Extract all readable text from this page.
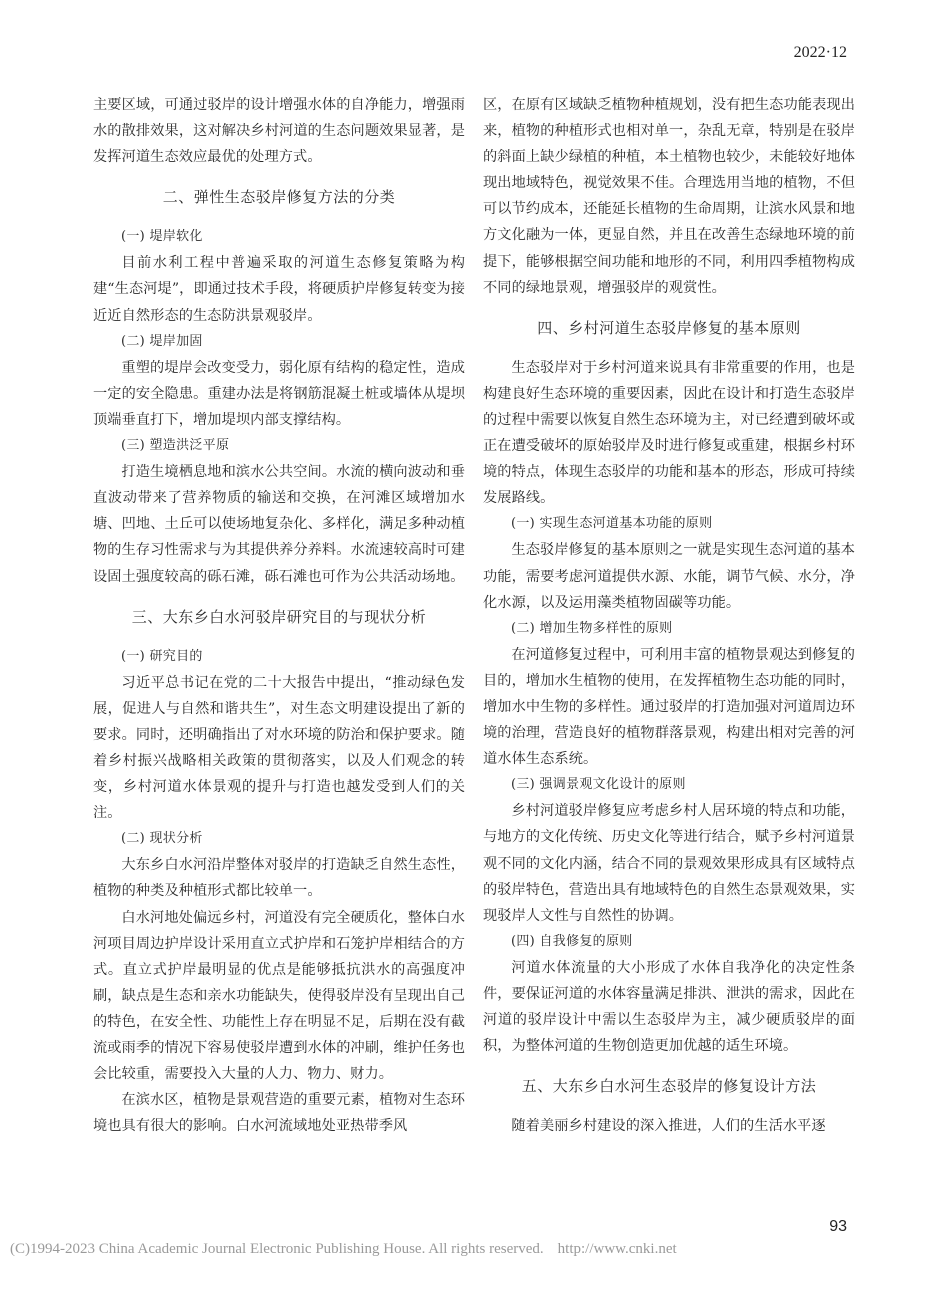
2022·12

主要区域，可通过驳岸的设计增强水体的自净能力，增强雨水的散排效果，这对解决乡村河道的生态问题效果显著，是发挥河道生态效应最优的处理方式。

二、弹性生态驳岸修复方法的分类
(一) 堤岸软化

目前水利工程中普遍采取的河道生态修复策略为构建“生态河堤”，即通过技术手段，将硬质护岸修复转变为接近近自然形态的生态防洪景观驳岸。

(二) 堤岸加固

重塑的堤岸会改变受力，弱化原有结构的稳定性，造成一定的安全隐患。重建办法是将钢筋混凝土桩或墙体从堤坝顶端垂直打下，增加堤坝内部支撑结构。

(三) 塑造洪泛平原

打造生境栖息地和滨水公共空间。水流的横向波动和垂直波动带来了营养物质的输送和交换，在河滩区域增加水塘、凹地、土丘可以使场地复杂化、多样化，满足多种动植物的生存习性需求与为其提供养分养料。水流速较高时可建设固土强度较高的砾石滩，砾石滩也可作为公共活动场地。

三、大东乡白水河驳岸研究目的与现状分析
(一) 研究目的

习近平总书记在党的二十大报告中提出，“推动绿色发展，促进人与自然和谐共生”，对生态文明建设提出了新的要求。同时，还明确指出了对水环境的防治和保护要求。随着乡村振兴战略相关政策的贯彻落实，以及人们观念的转变，乡村河道水体景观的提升与打造也越发受到人们的关注。

(二) 现状分析

大东乡白水河沿岸整体对驳岸的打造缺乏自然生态性，植物的种类及种植形式都比较单一。

白水河地处偏远乡村，河道没有完全硬质化，整体白水河项目周边护岸设计采用直立式护岸和石笼护岸相结合的方式。直立式护岸最明显的优点是能够抵抗洪水的高强度冲刷，缺点是生态和亲水功能缺失，使得驳岸没有呈现出自己的特色，在安全性、功能性上存在明显不足，后期在没有截流或雨季的情况下容易使驳岸遭到水体的冲刷，维护任务也会比较重，需要投入大量的人力、物力、财力。

在滨水区，植物是景观营造的重要元素，植物对生态环境也具有很大的影响。白水河流域地处亚热带季风

区，在原有区域缺乏植物种植规划，没有把生态功能表现出来，植物的种植形式也相对单一，杂乱无章，特别是在驳岸的斜面上缺少绿植的种植，本土植物也较少，未能较好地体现出地域特色，视觉效果不佳。合理选用当地的植物，不但可以节约成本，还能延长植物的生命周期，让滨水风景和地方文化融为一体，更显自然，并且在改善生态绿地环境的前提下，能够根据空间功能和地形的不同，利用四季植物构成不同的绿地景观，增强驳岸的观赏性。

四、乡村河道生态驳岸修复的基本原则

生态驳岸对于乡村河道来说具有非常重要的作用，也是构建良好生态环境的重要因素，因此在设计和打造生态驳岸的过程中需要以恢复自然生态环境为主，对已经遭到破坏或正在遭受破坏的原始驳岸及时进行修复或重建，根据乡村环境的特点，体现生态驳岸的功能和基本的形态，形成可持续发展路线。

(一) 实现生态河道基本功能的原则

生态驳岸修复的基本原则之一就是实现生态河道的基本功能，需要考虑河道提供水源、水能，调节气候、水分，净化水源，以及运用藻类植物固碳等功能。

(二) 增加生物多样性的原则

在河道修复过程中，可利用丰富的植物景观达到修复的目的，增加水生植物的使用，在发挥植物生态功能的同时，增加水中生物的多样性。通过驳岸的打造加强对河道周边环境的治理，营造良好的植物群落景观，构建出相对完善的河道水体生态系统。

(三) 强调景观文化设计的原则

乡村河道驳岸修复应考虑乡村人居环境的特点和功能，与地方的文化传统、历史文化等进行结合，赋予乡村河道景观不同的文化内涵，结合不同的景观效果形成具有区域特点的驳岸特色，营造出具有地域特色的自然生态景观效果，实现驳岸人文性与自然性的协调。

(四) 自我修复的原则

河道水体流量的大小形成了水体自我净化的决定性条件，要保证河道的水体容量满足排洪、泄洪的需求，因此在河道的驳岸设计中需以生态驳岸为主，减少硬质驳岸的面积，为整体河道的生物创造更加优越的适生环境。

五、大东乡白水河生态驳岸的修复设计方法

随着美丽乡村建设的深入推进，人们的生活水平逐

93
(C)1994-2023 China Academic Journal Electronic Publishing House. All rights reserved. http://www.cnki.net
